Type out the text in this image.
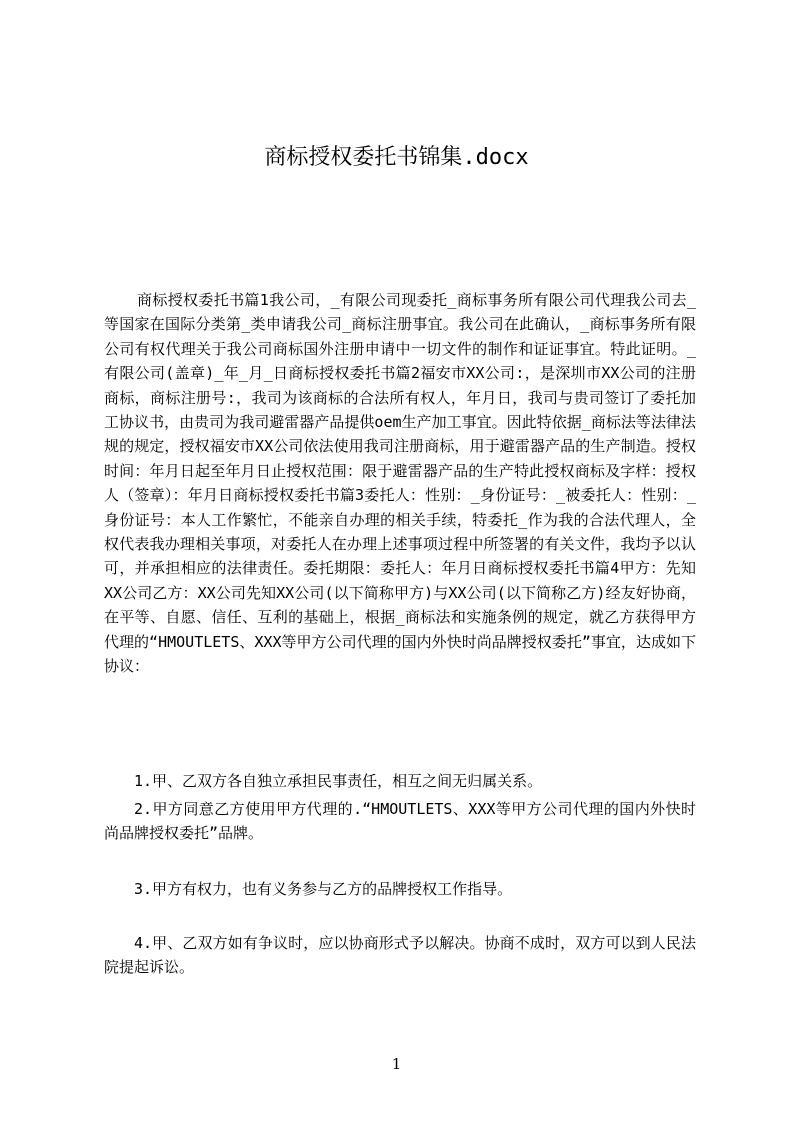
商标授权委托书锦集.docx

商标授权委托书篇1我公司，_有限公司现委托_商标事务所有限公司代理我公司去_等国家在国际分类第_类申请我公司_商标注册事宜。我公司在此确认，_商标事务所有限公司有权代理关于我公司商标国外注册申请中一切文件的制作和证证事宜。特此证明。_有限公司(盖章)_年_月_日商标授权委托书篇2福安市XX公司:，是深圳市XX公司的注册商标，商标注册号:，我司为该商标的合法所有权人，年月日，我司与贵司签订了委托加工协议书，由贵司为我司避雷器产品提供oem生产加工事宜。因此特依据_商标法等法律法规的规定，授权福安市XX公司依法使用我司注册商标，用于避雷器产品的生产制造。授权时间：年月日起至年月日止授权范围：限于避雷器产品的生产特此授权商标及字样：授权人（签章）：年月日商标授权委托书篇3委托人：性别：_身份证号：_被委托人：性别：_身份证号：本人工作繁忙，不能亲自办理的相关手续，特委托_作为我的合法代理人，全权代表我办理相关事项，对委托人在办理上述事项过程中所签署的有关文件，我均予以认可，并承担相应的法律责任。委托期限：委托人：年月日商标授权委托书篇4甲方：先知XX公司乙方：XX公司先知XX公司(以下简称甲方)与XX公司(以下简称乙方)经友好协商，在平等、自愿、信任、互利的基础上，根据_商标法和实施条例的规定，就乙方获得甲方代理的“HMOUTLETS、XXX等甲方公司代理的国内外快时尚品牌授权委托”事宜，达成如下协议：

1.甲、乙双方各自独立承担民事责任，相互之间无归属关系。

2.甲方同意乙方使用甲方代理的.“HMOUTLETS、XXX等甲方公司代理的国内外快时尚品牌授权委托”品牌。

3.甲方有权力，也有义务参与乙方的品牌授权工作指导。

4.甲、乙双方如有争议时，应以协商形式予以解决。协商不成时，双方可以到人民法院提起诉讼。

1
